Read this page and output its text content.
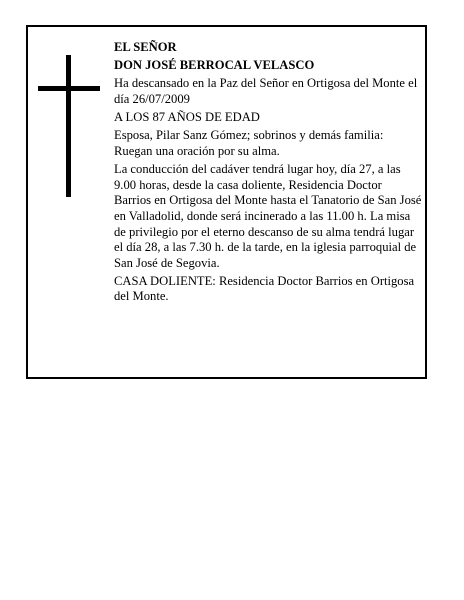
EL SEÑOR

DON JOSÉ BERROCAL VELASCO

Ha descansado en la Paz del Señor en Ortigosa del Monte el día 26/07/2009

A LOS 87 AÑOS DE EDAD

Esposa, Pilar Sanz Gómez; sobrinos y demás familia: Ruegan una oración por su alma.

La conducción del cadáver tendrá lugar hoy, día 27, a las 9.00 horas, desde la casa doliente, Residencia Doctor Barrios en Ortigosa del Monte hasta el Tanatorio de San José en Valladolid, donde será incinerado a las 11.00 h. La misa de privilegio por el eterno descanso de su alma tendrá lugar el día 28, a las 7.30 h. de la tarde, en la iglesia parroquial de San José de Segovia.

CASA DOLIENTE: Residencia Doctor Barrios en Ortigosa del Monte.
